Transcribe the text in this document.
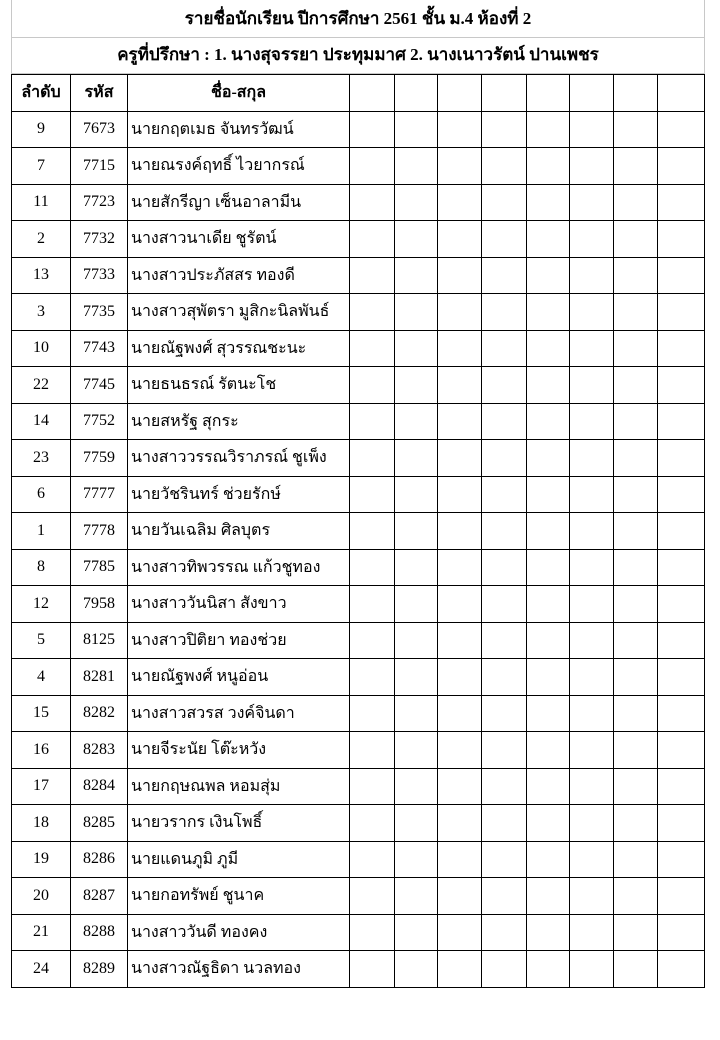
รายชื่อนักเรียน ปีการศึกษา 2561 ชั้น ม.4 ห้องที่ 2
ครูที่ปรึกษา : 1. นางสุจรรยา ประทุมมาศ 2. นางเนาวรัตน์ ปานเพชร
ลำดับ	รหัส	ชื่อ-สกุล								
9	7673	นายกฤตเมธ จันทรวัฒน์								
7	7715	นายณรงค์ฤทธิ์ ไวยากรณ์								
11	7723	นายสักรีญา เซ็นอาลามีน								
2	7732	นางสาวนาเดีย ชูรัตน์								
13	7733	นางสาวประภัสสร ทองดี								
3	7735	นางสาวสุพัตรา มูสิกะนิลพันธ์								
10	7743	นายณัฐพงศ์ สุวรรณชะนะ								
22	7745	นายธนธรณ์ รัตนะโช								
14	7752	นายสหรัฐ สุกระ								
23	7759	นางสาววรรณวิราภรณ์ ชูเพ็ง								
6	7777	นายวัชรินทร์ ช่วยรักษ์								
1	7778	นายวันเฉลิม ศิลบุตร								
8	7785	นางสาวทิพวรรณ แก้วชูทอง								
12	7958	นางสาววันนิสา สังขาว								
5	8125	นางสาวปิติยา ทองช่วย								
4	8281	นายณัฐพงศ์ หนูอ่อน								
15	8282	นางสาวสวรส วงค์จินดา								
16	8283	นายจีระนัย โต๊ะหวัง								
17	8284	นายกฤษณพล หอมสุ่ม								
18	8285	นายวรากร เงินโพธิ์								
19	8286	นายแดนภูมิ ภูมี								
20	8287	นายกอทรัพย์ ชูนาค								
21	8288	นางสาววันดี ทองคง								
24	8289	นางสาวณัฐธิดา นวลทอง								
